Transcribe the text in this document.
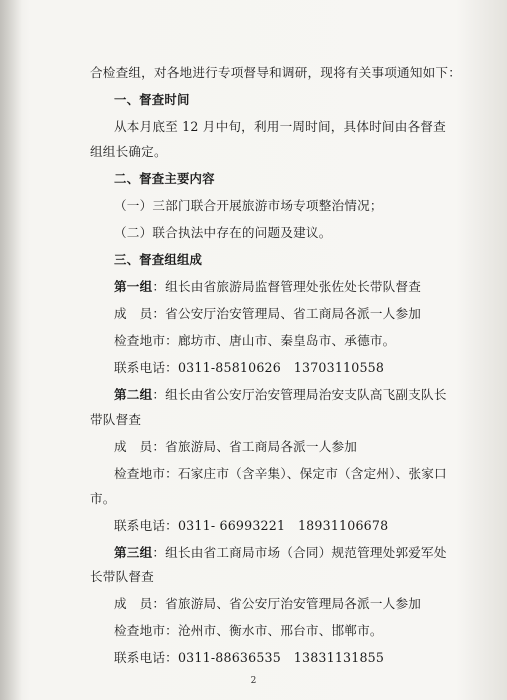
合检查组，对各地进行专项督导和调研，现将有关事项通知如下：
一、督查时间
从本月底至 12 月中旬，利用一周时间，具体时间由各督查
组组长确定。
二、督查主要内容
（一）三部门联合开展旅游市场专项整治情况；
（二）联合执法中存在的问题及建议。
三、督查组组成
第一组：组长由省旅游局监督管理处张佐处长带队督查
成　员：省公安厅治安管理局、省工商局各派一人参加
检查地市：廊坊市、唐山市、秦皇岛市、承德市。
联系电话：0311-85810626　13703110558
第二组：组长由省公安厅治安管理局治安支队高飞副支队长
带队督查
成　员：省旅游局、省工商局各派一人参加
检查地市：石家庄市（含辛集）、保定市（含定州）、张家口
市。
联系电话：0311- 66993221　18931106678
第三组：组长由省工商局市场（合同）规范管理处郭爱军处
长带队督查
2
成　员：省旅游局、省公安厅治安管理局各派一人参加
检查地市：沧州市、衡水市、邢台市、邯郸市。
联系电话：0311-88636535　13831131855
